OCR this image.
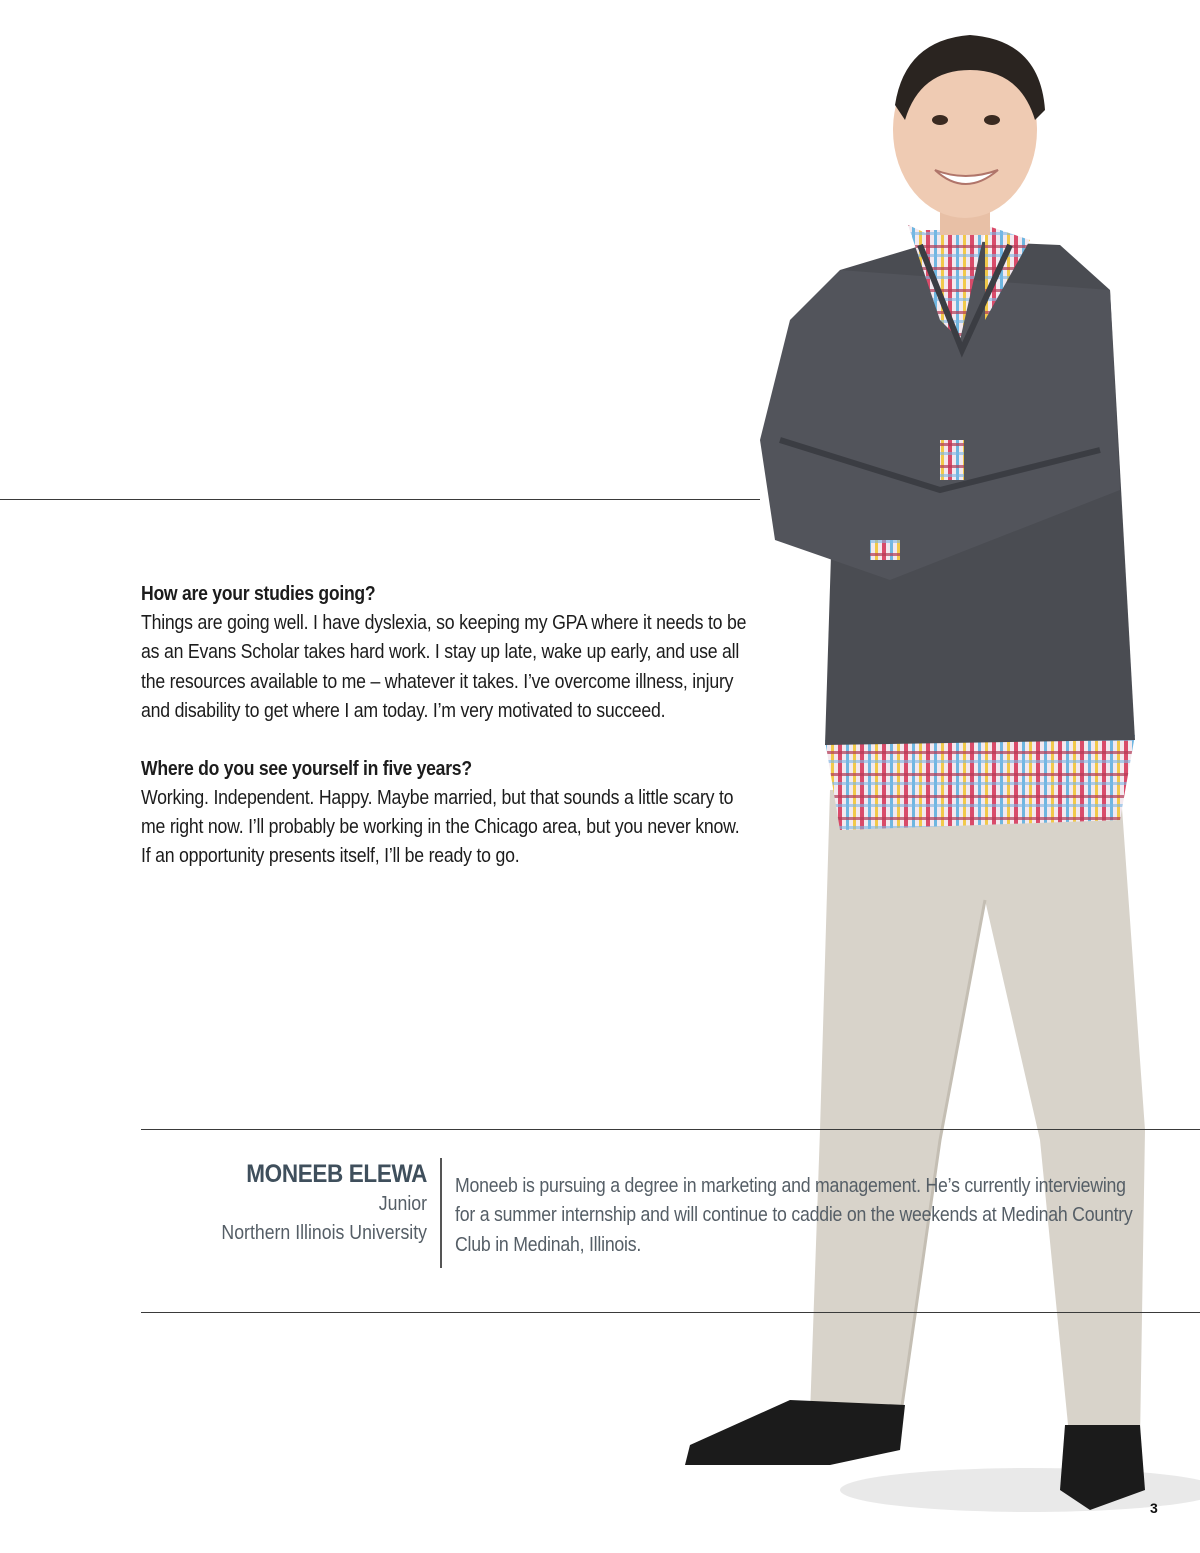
How are your studies going?

Things are going well. I have dyslexia, so keeping my GPA where it needs to be as an Evans Scholar takes hard work. I stay up late, wake up early, and use all the resources available to me – whatever it takes. I’ve overcome illness, injury and disability to get where I am today. I’m very motivated to succeed.

Where do you see yourself in five years?

Working. Independent. Happy. Maybe married, but that sounds a little scary to me right now. I’ll probably be working in the Chicago area, but you never know. If an opportunity presents itself, I’ll be ready to go.

MONEEB ELEWA
Junior
Northern Illinois University

Moneeb is pursuing a degree in marketing and management. He’s currently interviewing for a summer internship and will continue to caddie on the weekends at Medinah Country Club in Medinah, Illinois.

3
